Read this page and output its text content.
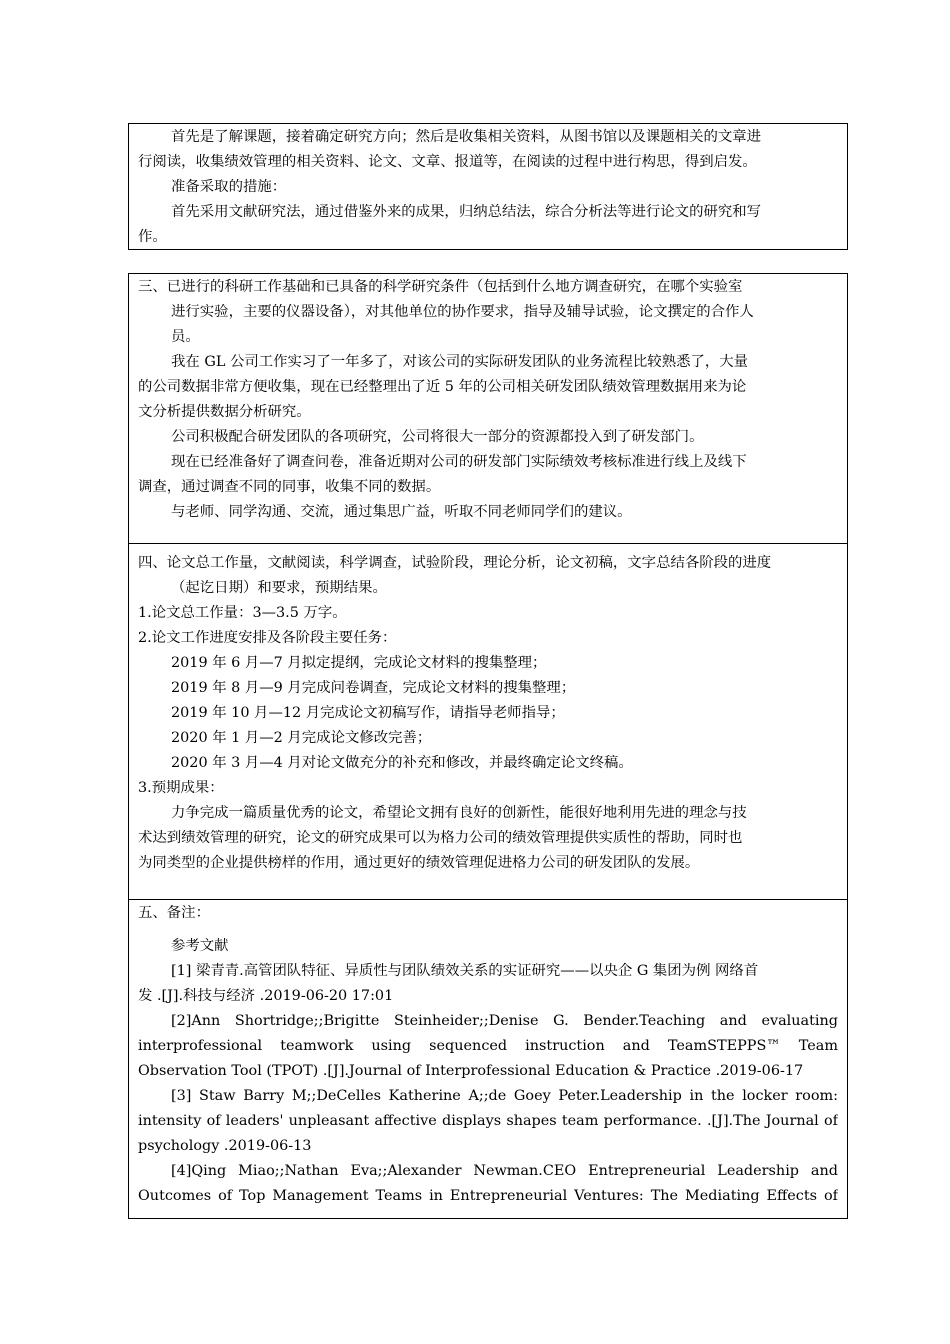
首先是了解课题，接着确定研究方向；然后是收集相关资料，从图书馆以及课题相关的文章进
行阅读，收集绩效管理的相关资料、论文、文章、报道等，在阅读的过程中进行构思，得到启发。
准备采取的措施：
首先采用文献研究法，通过借鉴外来的成果，归纳总结法，综合分析法等进行论文的研究和写
作。
三、已进行的科研工作基础和已具备的科学研究条件（包括到什么地方调查研究，在哪个实验室
进行实验，主要的仪器设备），对其他单位的协作要求，指导及辅导试验，论文撰定的合作人
员。
我在 GL 公司工作实习了一年多了，对该公司的实际研发团队的业务流程比较熟悉了，大量
的公司数据非常方便收集，现在已经整理出了近 5 年的公司相关研发团队绩效管理数据用来为论
文分析提供数据分析研究。
公司积极配合研发团队的各项研究，公司将很大一部分的资源都投入到了研发部门。
现在已经准备好了调查问卷，准备近期对公司的研发部门实际绩效考核标准进行线上及线下
调查，通过调查不同的同事，收集不同的数据。
与老师、同学沟通、交流，通过集思广益，听取不同老师同学们的建议。
四、论文总工作量，文献阅读，科学调查，试验阶段，理论分析，论文初稿，文字总结各阶段的进度
（起讫日期）和要求，预期结果。
1.论文总工作量：3—3.5 万字。
2.论文工作进度安排及各阶段主要任务：
2019 年 6 月—7 月拟定提纲，完成论文材料的搜集整理；
2019 年 8 月—9 月完成问卷调查，完成论文材料的搜集整理；
2019 年 10 月—12 月完成论文初稿写作，请指导老师指导；
2020 年 1 月—2 月完成论文修改完善；
2020 年 3 月—4 月对论文做充分的补充和修改，并最终确定论文终稿。
3.预期成果：
力争完成一篇质量优秀的论文，希望论文拥有良好的创新性，能很好地利用先进的理念与技
术达到绩效管理的研究，论文的研究成果可以为格力公司的绩效管理提供实质性的帮助，同时也
为同类型的企业提供榜样的作用，通过更好的绩效管理促进格力公司的研发团队的发展。
五、备注：
参考文献
[1] 梁青青.高管团队特征、异质性与团队绩效关系的实证研究——以央企 G 集团为例 网络首
发 .[J].科技与经济 .2019-06-20 17:01
[2]Ann Shortridge;;Brigitte Steinheider;;Denise G. Bender.Teaching and evaluating
interprofessional teamwork using sequenced instruction and TeamSTEPPS™ Team
Observation Tool (TPOT) .[J].Journal of Interprofessional Education & Practice .2019-06-17
[3] Staw Barry M;;DeCelles Katherine A;;de Goey Peter.Leadership in the locker room:
intensity of leaders' unpleasant affective displays shapes team performance. .[J].The Journal of
psychology .2019-06-13
[4]Qing Miao;;Nathan Eva;;Alexander Newman.CEO Entrepreneurial Leadership and
Outcomes of Top Management Teams in Entrepreneurial Ventures: The Mediating Effects of
